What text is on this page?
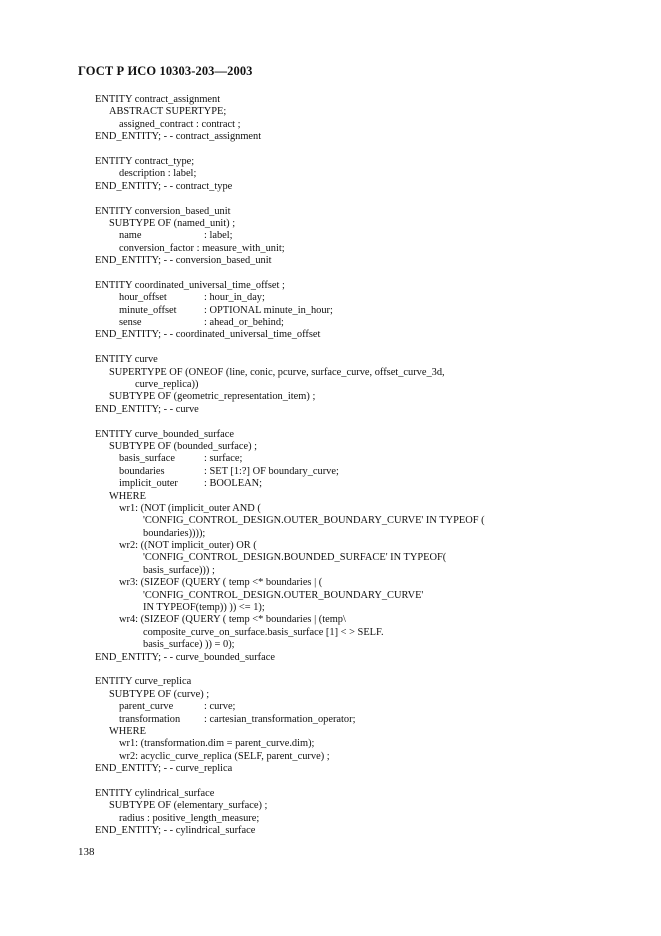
ГОСТ Р ИСО 10303-203—2003
ENTITY contract_assignment
ABSTRACT SUPERTYPE;
assigned_contract : contract ;
END_ENTITY; - - contract_assignment
ENTITY contract_type;
description : label;
END_ENTITY; - - contract_type
ENTITY conversion_based_unit
SUBTYPE OF (named_unit) ;
name	: label;
conversion_factor : measure_with_unit;
END_ENTITY; - - conversion_based_unit
ENTITY coordinated_universal_time_offset ;
hour_offset	: hour_in_day;
minute_offset	: OPTIONAL minute_in_hour;
sense	: ahead_or_behind;
END_ENTITY; - - coordinated_universal_time_offset
ENTITY curve
SUPERTYPE OF (ONEOF (line, conic, pcurve, surface_curve, offset_curve_3d,
curve_replica))
SUBTYPE OF (geometric_representation_item) ;
END_ENTITY; - - curve
ENTITY curve_bounded_surface
SUBTYPE OF (bounded_surface) ;
basis_surface	: surface;
boundaries	: SET [1:?] OF boundary_curve;
implicit_outer	: BOOLEAN;
WHERE
wr1: (NOT (implicit_outer AND (
'CONFIG_CONTROL_DESIGN.OUTER_BOUNDARY_CURVE' IN TYPEOF (
boundaries))));
wr2: ((NOT implicit_outer) OR (
'CONFIG_CONTROL_DESIGN.BOUNDED_SURFACE' IN TYPEOF(
basis_surface))) ;
wr3: (SIZEOF (QUERY ( temp <* boundaries | (
'CONFIG_CONTROL_DESIGN.OUTER_BOUNDARY_CURVE'
IN TYPEOF(temp)) )) <= 1);
wr4: (SIZEOF (QUERY ( temp <* boundaries | (temp\
composite_curve_on_surface.basis_surface [1] < > SELF.
basis_surface) )) = 0);
END_ENTITY; - - curve_bounded_surface
ENTITY curve_replica
SUBTYPE OF (curve) ;
parent_curve	: curve;
transformation : cartesian_transformation_operator;
WHERE
wr1: (transformation.dim = parent_curve.dim);
wr2: acyclic_curve_replica (SELF, parent_curve) ;
END_ENTITY; - - curve_replica
ENTITY cylindrical_surface
SUBTYPE OF (elementary_surface) ;
radius : positive_length_measure;
END_ENTITY; - - cylindrical_surface
138
